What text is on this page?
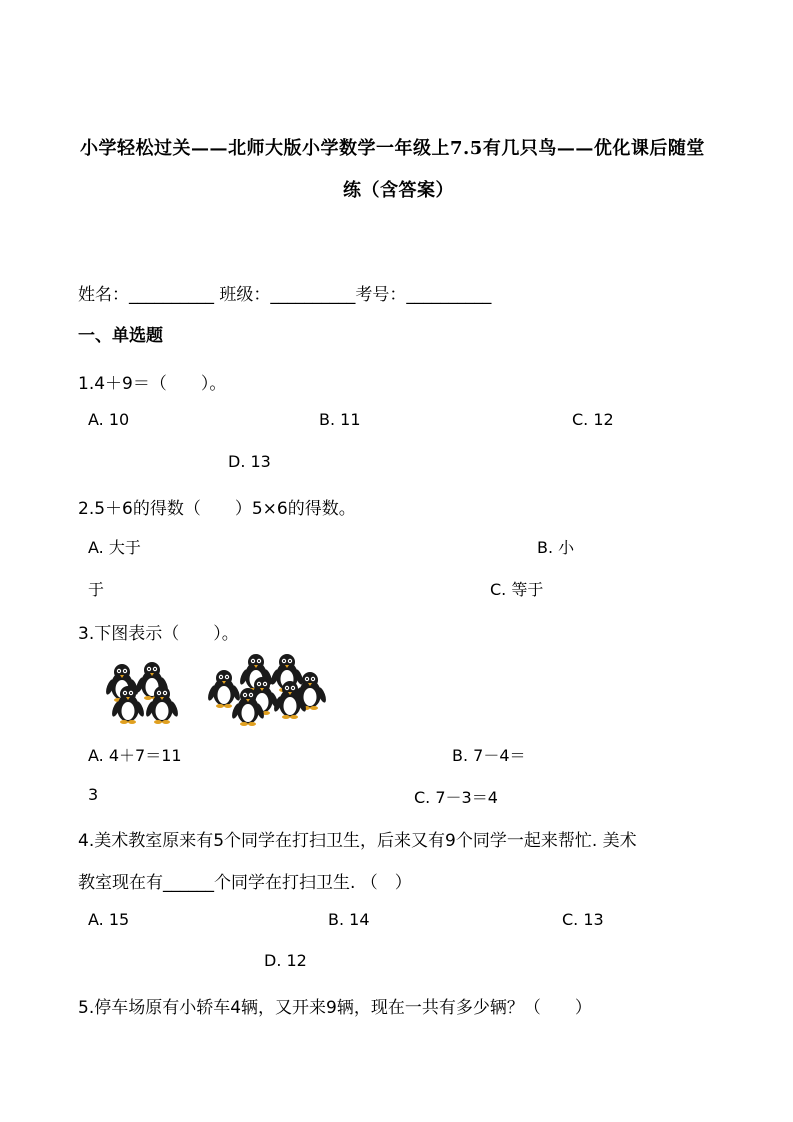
小学轻松过关——北师大版小学数学一年级上7.5有几只鸟——优化课后随堂
练（含答案）
姓名：__________ 班级：__________考号：__________
一、单选题
1.4＋9＝（　　）。
A. 10	B. 11	C. 12
D. 13
2.5＋6的得数（　　）5×6的得数。
A. 大于	B. 小
于	C. 等于
3.下图表示（　　）。
A. 4＋7＝11	B. 7－4＝
3	C. 7－3＝4
4.美术教室原来有5个同学在打扫卫生，后来又有9个同学一起来帮忙. 美术
教室现在有______个同学在打扫卫生. （　）
A. 15	B. 14	C. 13
D. 12
5.停车场原有小轿车4辆，又开来9辆，现在一共有多少辆？（　　）
